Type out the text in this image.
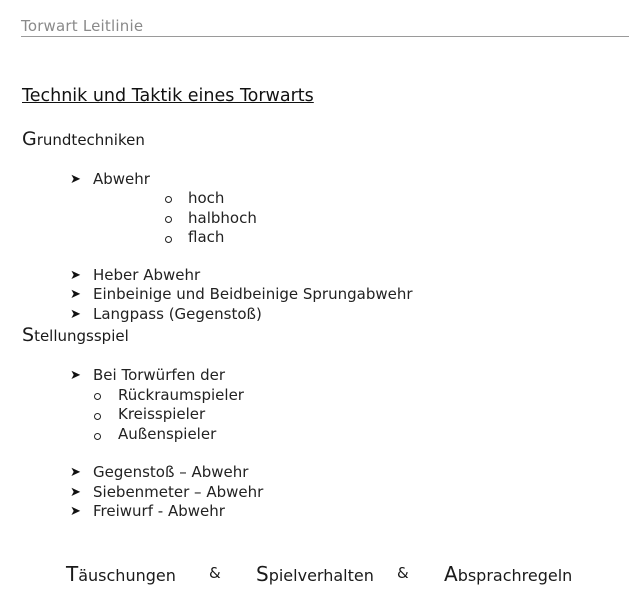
Torwart Leitlinie
Technik und Taktik eines Torwarts
Grundtechniken
➤ Abwehr
hoch
halbhoch
flach
➤ Heber Abwehr
➤ Einbeinige und Beidbeinige Sprungabwehr
➤ Langpass (Gegenstoß)
Stellungsspiel
➤ Bei Torwürfen der
Rückraumspieler
Kreisspieler
Außenspieler
➤ Gegenstoß – Abwehr
➤ Siebenmeter – Abwehr
➤ Freiwurf - Abwehr
Täuschungen & Spielverhalten & Absprachregeln
